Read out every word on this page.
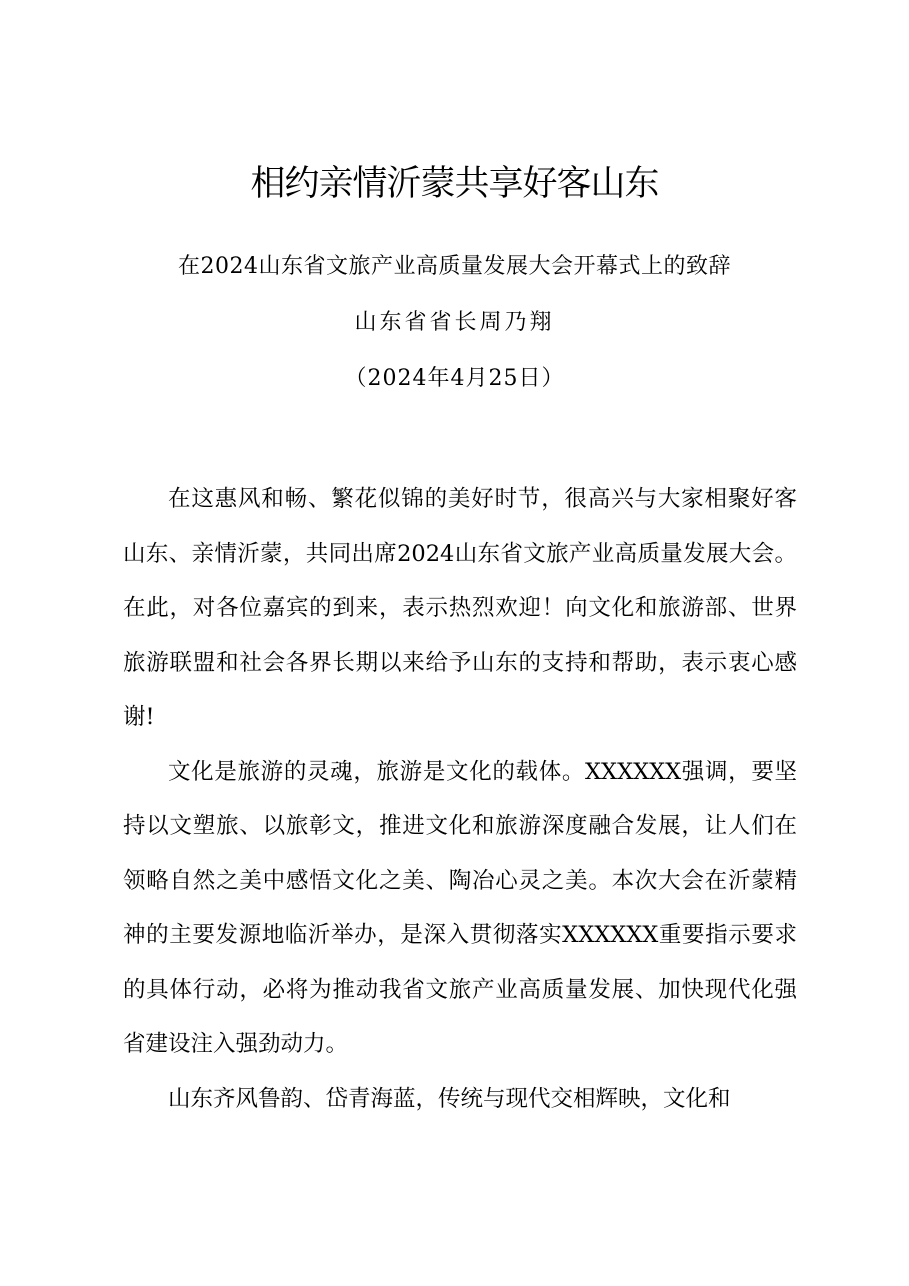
相约亲情沂蒙共享好客山东
在2024山东省文旅产业高质量发展大会开幕式上的致辞
山东省省长周乃翔
（2024年4月25日）

在这惠风和畅、繁花似锦的美好时节，很高兴与大家相聚好客山东、亲情沂蒙，共同出席2024山东省文旅产业高质量发展大会。在此，对各位嘉宾的到来，表示热烈欢迎！向文化和旅游部、世界旅游联盟和社会各界长期以来给予山东的支持和帮助，表示衷心感谢!

文化是旅游的灵魂，旅游是文化的载体。XXXXXX强调，要坚持以文塑旅、以旅彰文，推进文化和旅游深度融合发展，让人们在领略自然之美中感悟文化之美、陶冶心灵之美。本次大会在沂蒙精神的主要发源地临沂举办，是深入贯彻落实XXXXXX重要指示要求的具体行动，必将为推动我省文旅产业高质量发展、加快现代化强省建设注入强劲动力。

山东齐风鲁韵、岱青海蓝，传统与现代交相辉映，文化和
